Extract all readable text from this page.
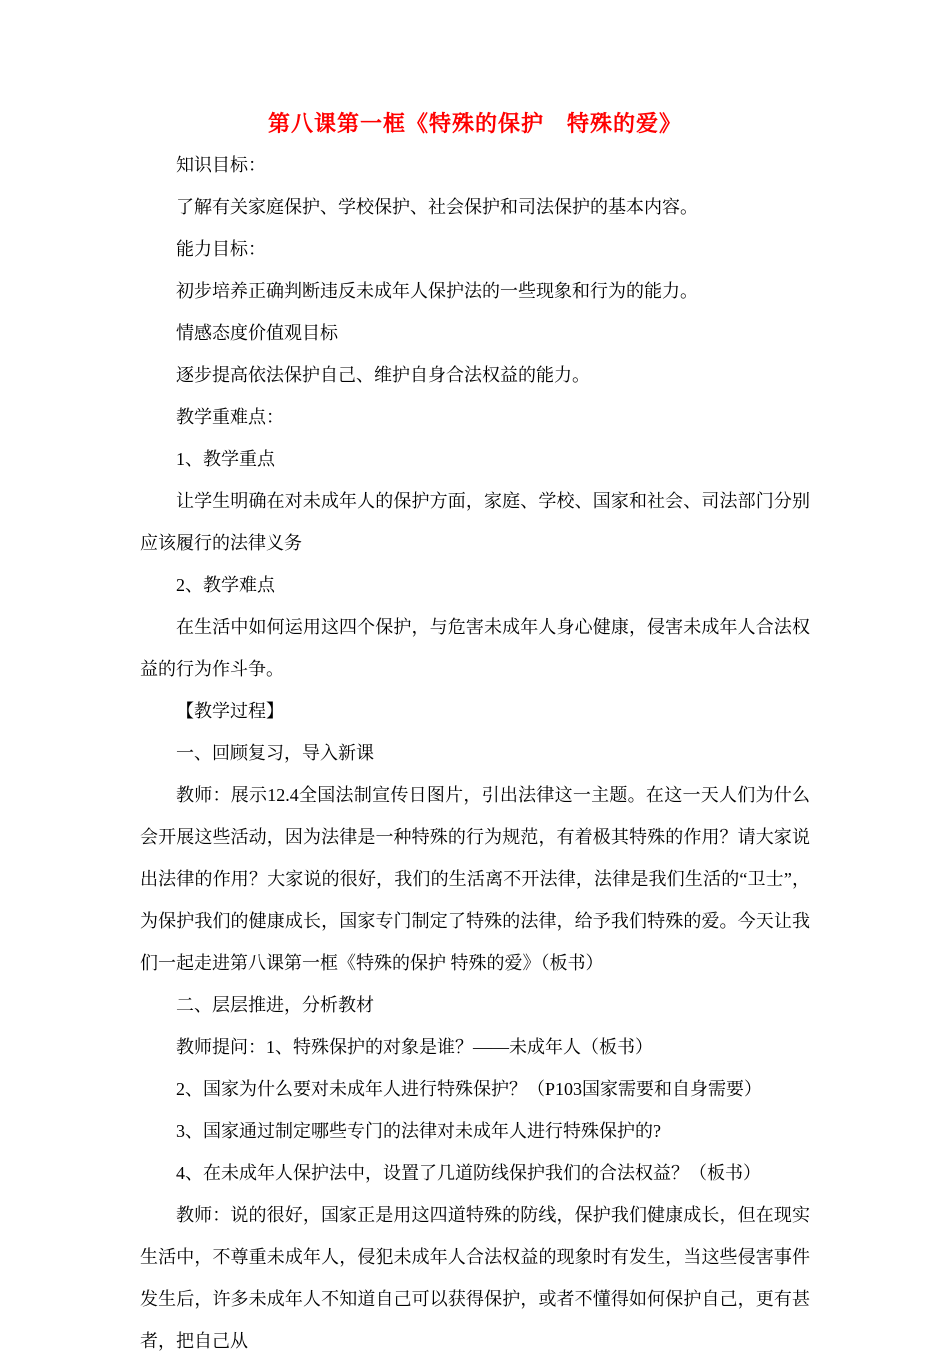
第八课第一框《特殊的保护　特殊的爱》

知识目标：

了解有关家庭保护、学校保护、社会保护和司法保护的基本内容。

能力目标：

初步培养正确判断违反未成年人保护法的一些现象和行为的能力。

情感态度价值观目标

逐步提高依法保护自己、维护自身合法权益的能力。

教学重难点：

1、教学重点

让学生明确在对未成年人的保护方面，家庭、学校、国家和社会、司法部门分别应该履行的法律义务

2、教学难点

在生活中如何运用这四个保护，与危害未成年人身心健康，侵害未成年人合法权益的行为作斗争。

【教学过程】

一、回顾复习，导入新课

教师：展示12.4全国法制宣传日图片，引出法律这一主题。在这一天人们为什么会开展这些活动，因为法律是一种特殊的行为规范，有着极其特殊的作用？请大家说出法律的作用？大家说的很好，我们的生活离不开法律，法律是我们生活的“卫士”，为保护我们的健康成长，国家专门制定了特殊的法律，给予我们特殊的爱。今天让我们一起走进第八课第一框《特殊的保护 特殊的爱》（板书）

二、层层推进，分析教材

教师提问：1、特殊保护的对象是谁？——未成年人（板书）

2、国家为什么要对未成年人进行特殊保护？（P103国家需要和自身需要）

3、国家通过制定哪些专门的法律对未成年人进行特殊保护的?

4、在未成年人保护法中，设置了几道防线保护我们的合法权益？（板书）

教师：说的很好，国家正是用这四道特殊的防线，保护我们健康成长，但在现实生活中，不尊重未成年人，侵犯未成年人合法权益的现象时有发生，当这些侵害事件发生后，许多未成年人不知道自己可以获得保护，或者不懂得如何保护自己，更有甚者，把自己从
